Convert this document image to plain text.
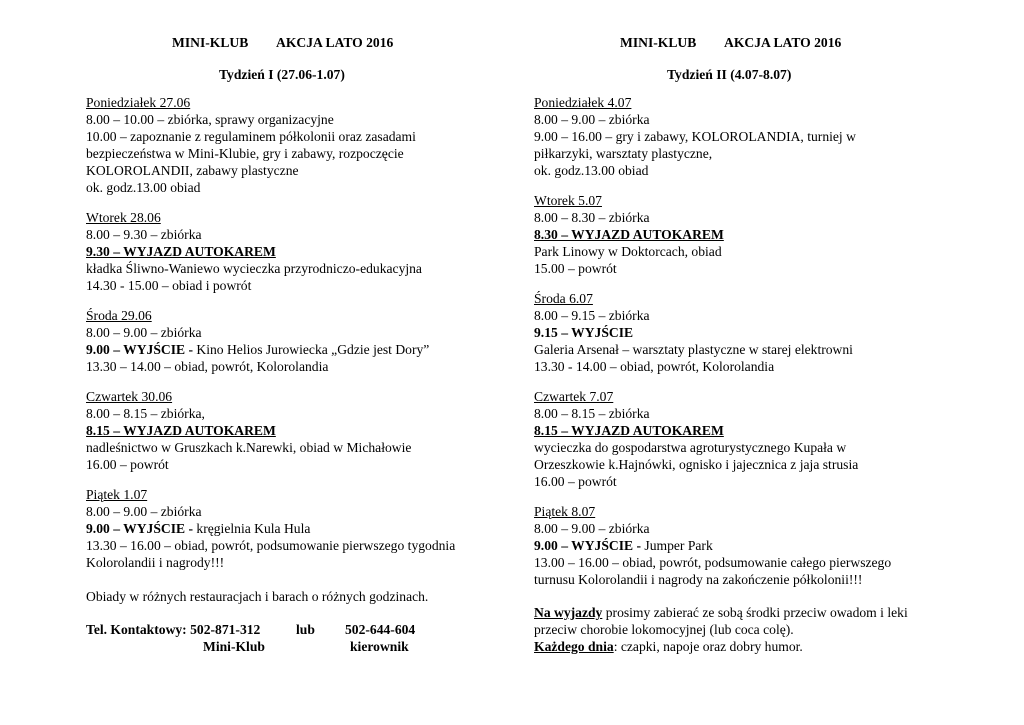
MINI-KLUB AKCJA LATO 2016
Tydzień I (27.06-1.07)
Poniedziałek 27.06
8.00 – 10.00 – zbiórka, sprawy organizacyjne
10.00 – zapoznanie z regulaminem półkolonii oraz zasadami
bezpieczeństwa w Mini-Klubie, gry i zabawy, rozpoczęcie
KOLOROLANDII, zabawy plastyczne
ok. godz.13.00 obiad
Wtorek 28.06
8.00 – 9.30 – zbiórka
9.30 – WYJAZD AUTOKAREM
kładka Śliwno-Waniewo wycieczka przyrodniczo-edukacyjna
14.30 - 15.00 – obiad i powrót
Środa 29.06
8.00 – 9.00 – zbiórka
9.00 – WYJŚCIE - Kino Helios Jurowiecka „Gdzie jest Dory”
13.30 – 14.00 – obiad, powrót, Kolorolandia
Czwartek 30.06
8.00 – 8.15 – zbiórka,
8.15 – WYJAZD AUTOKAREM
nadleśnictwo w Gruszkach k.Narewki, obiad w Michałowie
16.00 – powrót
Piątek 1.07
8.00 – 9.00 – zbiórka
9.00 – WYJŚCIE - kręgielnia Kula Hula
13.30 – 16.00 – obiad, powrót, podsumowanie pierwszego tygodnia
Kolorolandii i nagrody!!!
Obiady w różnych restauracjach i barach o różnych godzinach.
Tel. Kontaktowy: 502-871-312	lub 502-644-604
Mini-Klub	kierownik
MINI-KLUB AKCJA LATO 2016
Tydzień II (4.07-8.07)
Poniedziałek 4.07
8.00 – 9.00 – zbiórka
9.00 – 16.00 – gry i zabawy, KOLOROLANDIA, turniej w
piłkarzyki, warsztaty plastyczne,
ok. godz.13.00 obiad
Wtorek 5.07
8.00 – 8.30 – zbiórka
8.30 – WYJAZD AUTOKAREM
Park Linowy w Doktorcach, obiad
15.00 – powrót
Środa 6.07
8.00 – 9.15 – zbiórka
9.15 – WYJŚCIE
Galeria Arsenał – warsztaty plastyczne w starej elektrowni
13.30 - 14.00 – obiad, powrót, Kolorolandia
Czwartek 7.07
8.00 – 8.15 – zbiórka
8.15 – WYJAZD AUTOKAREM
wycieczka do gospodarstwa agroturystycznego Kupała w
Orzeszkowie k.Hajnówki, ognisko i jajecznica z jaja strusia
16.00 – powrót
Piątek 8.07
8.00 – 9.00 – zbiórka
9.00 – WYJŚCIE - Jumper Park
13.00 – 16.00 – obiad, powrót, podsumowanie całego pierwszego
turnusu Kolorolandii i nagrody na zakończenie półkolonii!!!
Na wyjazdy prosimy zabierać ze sobą środki przeciw owadom i leki
przeciw chorobie lokomocyjnej (lub coca colę).
Każdego dnia: czapki, napoje oraz dobry humor.
